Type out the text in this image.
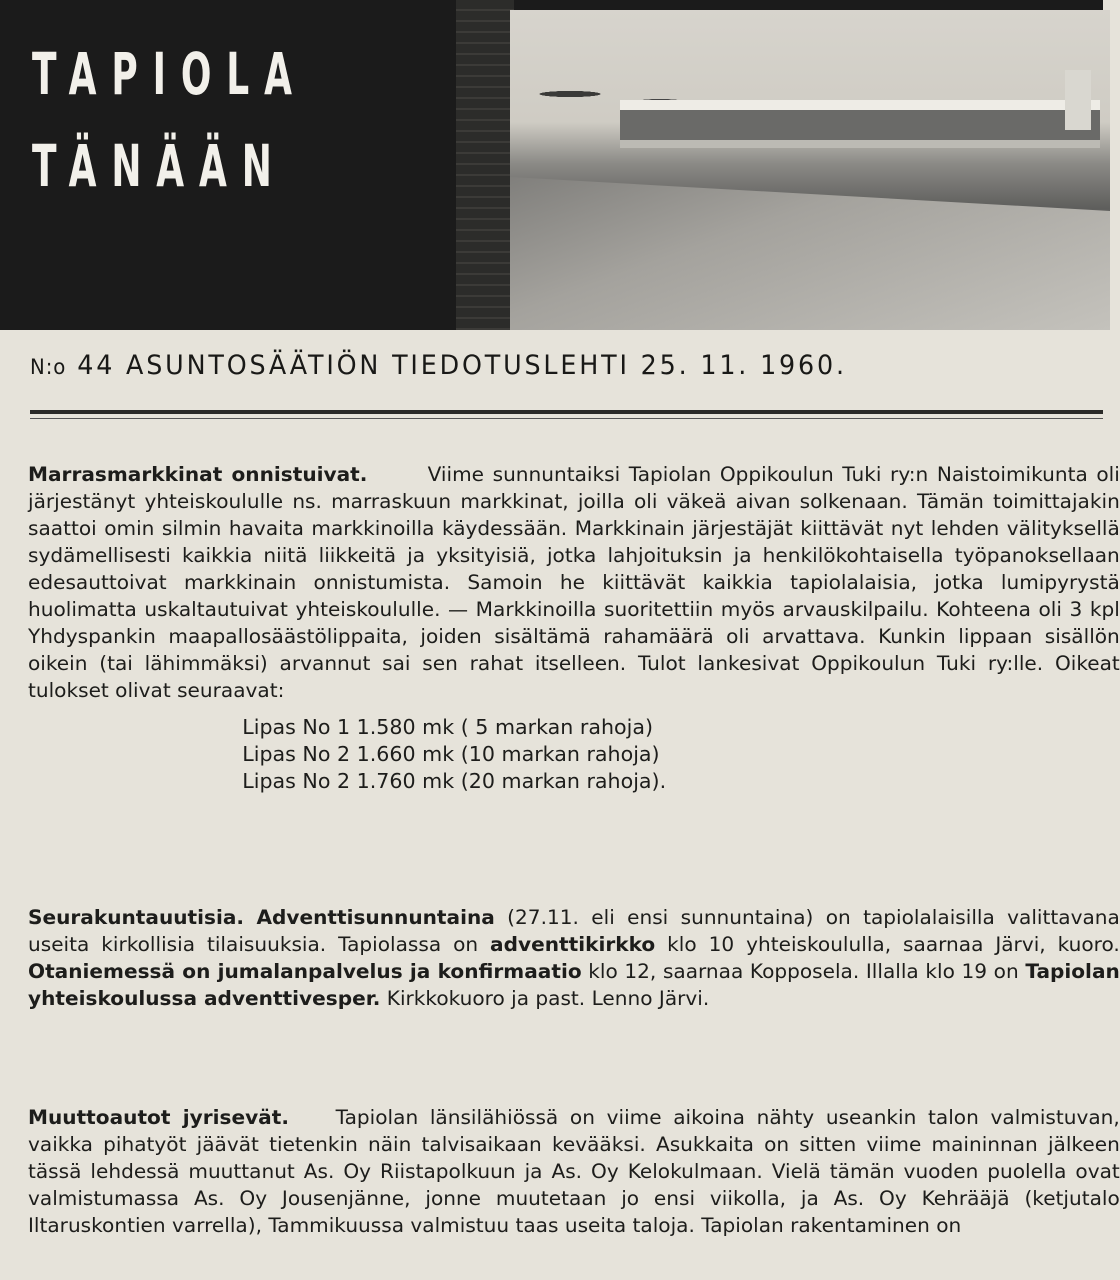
TAPIOLA
TÄNÄÄN
N:o 44 ASUNTOSÄÄTIÖN TIEDOTUSLEHTI 25. 11. 1960.

Marrasmarkkinat onnistuivat.	Viime sunnuntaiksi Tapiolan Oppikoulun Tuki ry:n Naistoimikunta oli järjestänyt yhteiskoululle ns. marraskuun markkinat, joilla oli väkeä aivan solkenaan. Tämän toimittajakin saattoi omin silmin havaita markkinoilla käydessään. Markkinain järjestäjät kiittävät nyt lehden välityksellä sydämellisesti kaikkia niitä liikkeitä ja yksityisiä, jotka lahjoituksin ja henkilökohtaisella työpanoksellaan edesauttoivat markkinain onnistumista. Samoin he kiittävät kaikkia tapiolalaisia, jotka lumipyrystä huolimatta uskaltautuivat yhteiskoululle. — Markkinoilla suoritettiin myös arvauskilpailu. Kohteena oli 3 kpl Yhdyspankin maapallosäästölippaita, joiden sisältämä rahamäärä oli arvattava. Kunkin lippaan sisällön oikein (tai lähimmäksi) arvannut sai sen rahat itselleen. Tulot lankesivat Oppikoulun Tuki ry:lle. Oikeat tulokset olivat seuraavat:

Lipas No 1 1.580 mk ( 5 markan rahoja)
Lipas No 2 1.660 mk (10 markan rahoja)
Lipas No 2 1.760 mk (20 markan rahoja).

Seurakuntauutisia. Adventtisunnuntaina (27.11. eli ensi sunnuntaina) on tapiolalaisilla valittavana useita kirkollisia tilaisuuksia. Tapiolassa on adventtikirkko klo 10 yhteiskoululla, saarnaa Järvi, kuoro. Otaniemessä on jumalanpalvelus ja konfirmaatio klo 12, saarnaa Kopposela. Illalla klo 19 on Tapiolan yhteiskoulussa adventtivesper. Kirkkokuoro ja past. Lenno Järvi.

Muuttoautot jyrisevät. Tapiolan länsilähiössä on viime aikoina nähty useankin talon valmistuvan, vaikka pihatyöt jäävät tietenkin näin talvisaikaan kevääksi. Asukkaita on sitten viime maininnan jälkeen tässä lehdessä muuttanut As. Oy Riistapolkuun ja As. Oy Kelokulmaan. Vielä tämän vuoden puolella ovat valmistumassa As. Oy Jousenjänne, jonne muutetaan jo ensi viikolla, ja As. Oy Kehrääjä (ketjutalo Iltaruskontien varrella), Tammikuussa valmistuu taas useita taloja. Tapiolan rakentaminen on
